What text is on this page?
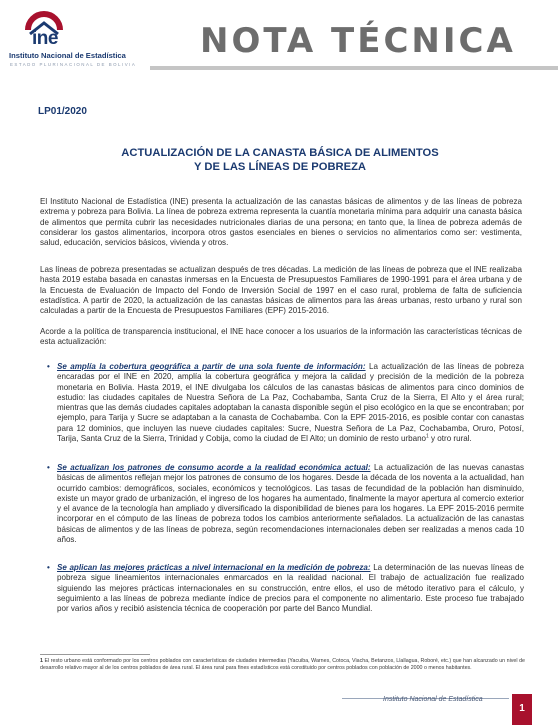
ine
Instituto Nacional de Estadística
ESTADO PLURINACIONAL DE BOLIVIA
NOTA TÉCNICA
LP01/2020
ACTUALIZACIÓN DE LA CANASTA BÁSICA DE ALIMENTOS
Y DE LAS LÍNEAS DE POBREZA

El Instituto Nacional de Estadística (INE) presenta la actualización de las canastas básicas de alimentos y de las líneas de pobreza extrema y pobreza para Bolivia. La línea de pobreza extrema representa la cuantía monetaria mínima para adquirir una canasta básica de alimentos que permita cubrir las necesidades nutricionales diarias de una persona; en tanto que, la línea de pobreza además de considerar los gastos alimentarios, incorpora otros gastos esenciales en bienes o servicios no alimentarios como ser: vestimenta, salud, educación, servicios básicos, vivienda y otros.

Las líneas de pobreza presentadas se actualizan después de tres décadas. La medición de las líneas de pobreza que el INE realizaba hasta 2019 estaba basada en canastas inmersas en la Encuesta de Presupuestos Familiares de 1990-1991 para el área urbana y de la Encuesta de Evaluación de Impacto del Fondo de Inversión Social de 1997 en el caso rural, problema de falta de suficiencia estadística. A partir de 2020, la actualización de las canastas básicas de alimentos para las áreas urbanas, resto urbano y rural son calculadas a partir de la Encuesta de Presupuestos Familiares (EPF) 2015-2016.

Acorde a la política de transparencia institucional, el INE hace conocer a los usuarios de la información las características técnicas de esta actualización:

• Se amplía la cobertura geográfica a partir de una sola fuente de información: La actualización de las líneas de pobreza encaradas por el INE en 2020, amplía la cobertura geográfica y mejora la calidad y precisión de la medición de la pobreza monetaria en Bolivia. Hasta 2019, el INE divulgaba los cálculos de las canastas básicas de alimentos para cinco dominios de estudio: las ciudades capitales de Nuestra Señora de La Paz, Cochabamba, Santa Cruz de la Sierra, El Alto y el área rural; mientras que las demás ciudades capitales adoptaban la canasta disponible según el piso ecológico en la que se encontraban; por ejemplo, para Tarija y Sucre se adaptaban a la canasta de Cochabamba. Con la EPF 2015-2016, es posible contar con canastas para 12 dominios, que incluyen las nueve ciudades capitales: Sucre, Nuestra Señora de La Paz, Cochabamba, Oruro, Potosí, Tarija, Santa Cruz de la Sierra, Trinidad y Cobija, como la ciudad de El Alto; un dominio de resto urbano$^1$ y otro rural.
• Se actualizan los patrones de consumo acorde a la realidad económica actual: La actualización de las nuevas canastas básicas de alimentos reflejan mejor los patrones de consumo de los hogares. Desde la década de los noventa a la actualidad, han ocurrido cambios: demográficos, sociales, económicos y tecnológicos. Las tasas de fecundidad de la población han disminuido, existe un mayor grado de urbanización, el ingreso de los hogares ha aumentado, finalmente la mayor apertura al comercio exterior y el avance de la tecnología han ampliado y diversificado la disponibilidad de bienes para los hogares. La EPF 2015-2016 permite incorporar en el cómputo de las líneas de pobreza todos los cambios anteriormente señalados. La actualización de las canastas básicas de alimentos y de las líneas de pobreza, según recomendaciones internacionales deben ser realizadas a menos cada 10 años.
• Se aplican las mejores prácticas a nivel internacional en la medición de pobreza: La determinación de las nuevas líneas de pobreza sigue lineamientos internacionales enmarcados en la realidad nacional. El trabajo de actualización fue realizado siguiendo las mejores prácticas internacionales en su construcción, entre ellos, el uso de método iterativo para el cálculo, y seguimiento a las líneas de pobreza mediante índice de precios para el componente no alimentario. Este proceso fue trabajado por varios años y recibió asistencia técnica de cooperación por parte del Banco Mundial.
1 El resto urbano está conformado por los centros poblados con características de ciudades intermedias (Yacuiba, Warnes, Cotoca, Viacha, Betanzos, Llallagua, Roboré, etc.) que han alcanzado un nivel de desarrollo relativo mayor al de los centros poblados de área rural. El área rural para fines estadísticos está constituido por centros poblados con población de 2000 o menos habitantes.
Instituto Nacional de Estadística
1
